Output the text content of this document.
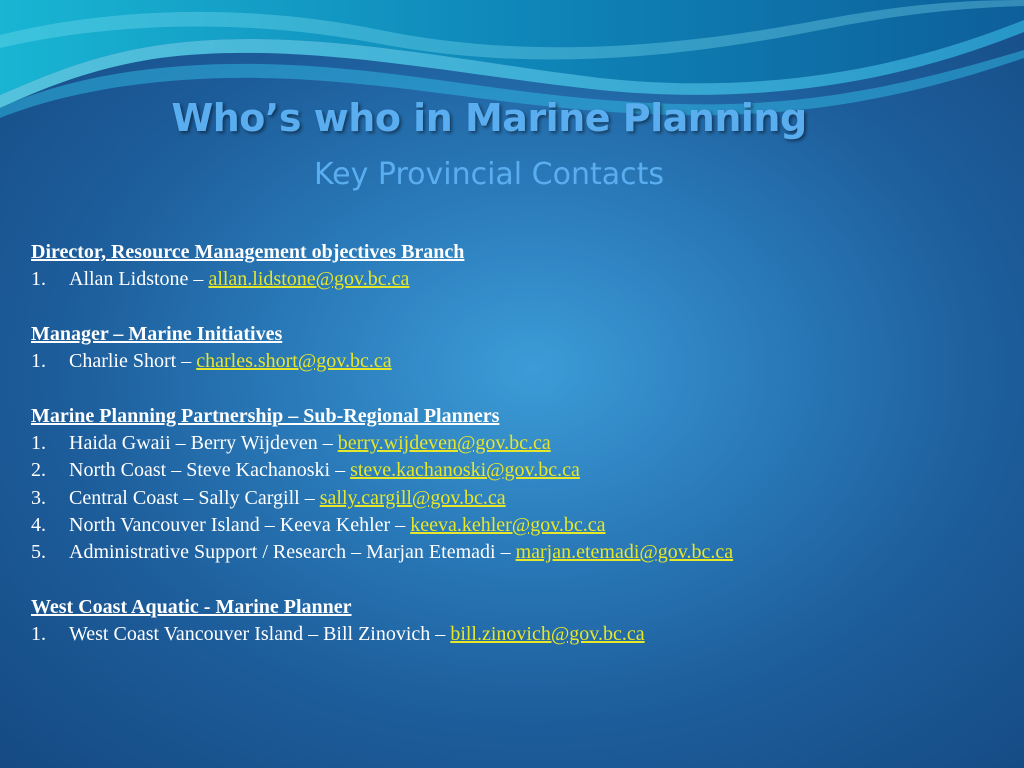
Who’s who in Marine Planning
Key Provincial Contacts
Director, Resource Management objectives Branch
1.	Allan Lidstone – allan.lidstone@gov.bc.ca
Manager – Marine Initiatives
1.	Charlie Short – charles.short@gov.bc.ca
Marine Planning Partnership – Sub-Regional Planners
1.	Haida Gwaii – Berry Wijdeven – berry.wijdeven@gov.bc.ca
2.	North Coast – Steve Kachanoski – steve.kachanoski@gov.bc.ca
3.	Central Coast – Sally Cargill – sally.cargill@gov.bc.ca
4.	North Vancouver Island – Keeva Kehler – keeva.kehler@gov.bc.ca
5.	Administrative Support / Research – Marjan Etemadi – marjan.etemadi@gov.bc.ca
West Coast Aquatic - Marine Planner
1.	West Coast Vancouver Island – Bill Zinovich – bill.zinovich@gov.bc.ca
